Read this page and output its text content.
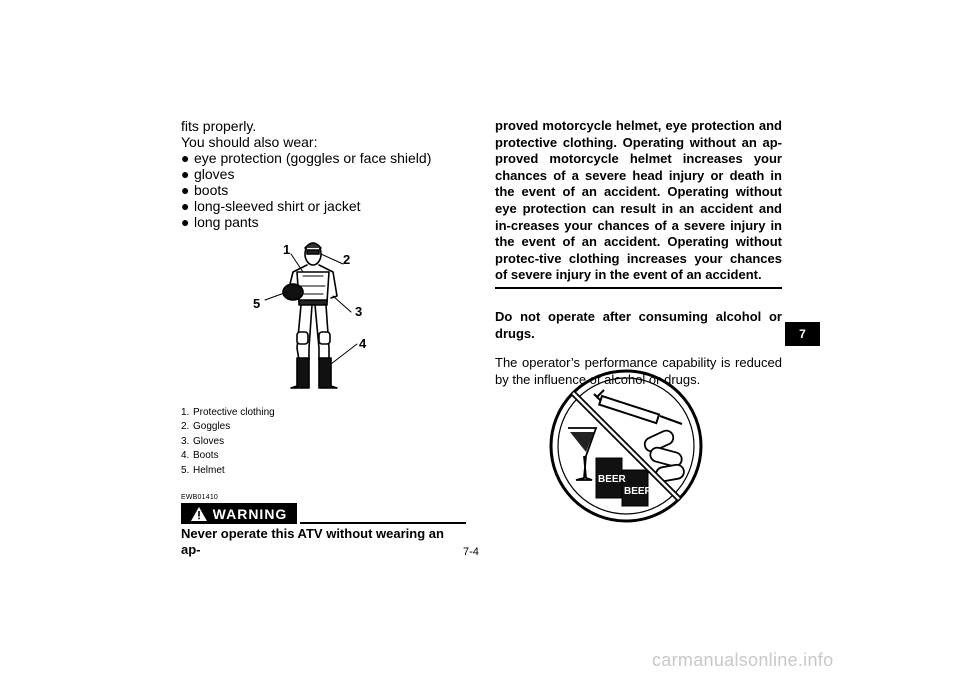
fits properly.

You should also wear:

● eye protection (goggles or face shield)
● gloves
● boots
● long-sleeved shirt or jacket
● long pants
1
2
3
4
5
1. Protective clothing
2. Goggles
3. Gloves
4. Boots
5. Helmet
EWB01410
WARNING
Never operate this ATV without wearing an ap-

proved motorcycle helmet, eye protection and protective clothing. Operating without an ap-proved motorcycle helmet increases your chances of a severe head injury or death in the event of an accident. Operating without eye protection can result in an accident and in-creases your chances of a severe injury in the event of an accident. Operating without protec-tive clothing increases your chances of severe injury in the event of an accident.

Do not operate after consuming alcohol or drugs.

The operator’s performance capability is reduced by the influence of alcohol or drugs.

BEER
BEER
7-4
7
carmanualsonline.info
